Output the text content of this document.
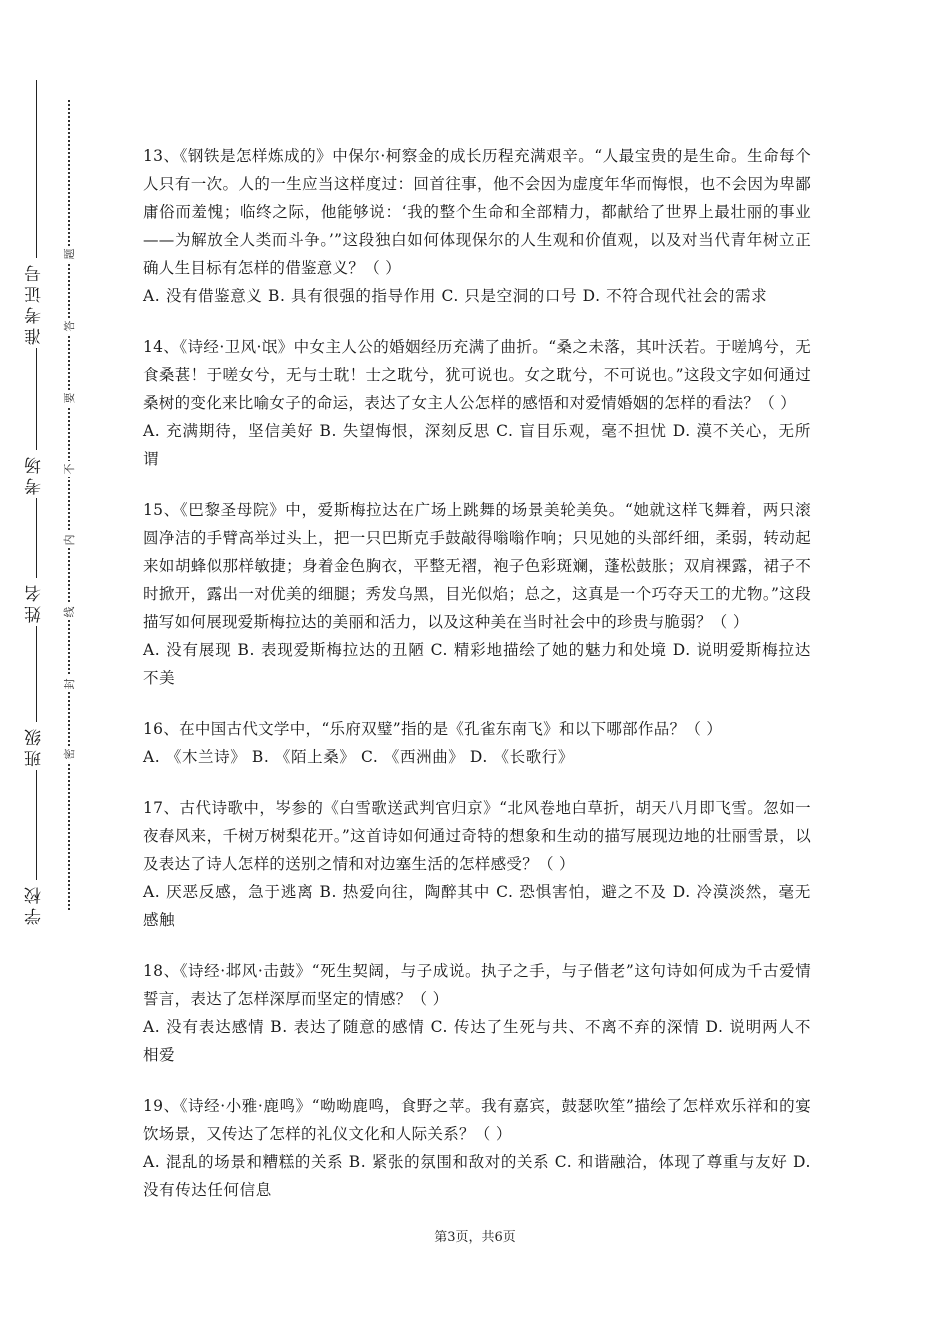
准考证号
考场
姓名
班级
学校
题
答
要
不
内
线
封
密

13、《钢铁是怎样炼成的》中保尔·柯察金的成长历程充满艰辛。“人最宝贵的是生命。生命每个人只有一次。人的一生应当这样度过：回首往事，他不会因为虚度年华而悔恨，也不会因为卑鄙庸俗而羞愧；临终之际，他能够说：‘我的整个生命和全部精力，都献给了世界上最壮丽的事业——为解放全人类而斗争。’”这段独白如何体现保尔的人生观和价值观，以及对当代青年树立正确人生目标有怎样的借鉴意义？（ ）

A. 没有借鉴意义 B. 具有很强的指导作用 C. 只是空洞的口号 D. 不符合现代社会的需求

14、《诗经·卫风·氓》中女主人公的婚姻经历充满了曲折。“桑之未落，其叶沃若。于嗟鸠兮，无食桑葚！于嗟女兮，无与士耽！士之耽兮，犹可说也。女之耽兮，不可说也。”这段文字如何通过桑树的变化来比喻女子的命运，表达了女主人公怎样的感悟和对爱情婚姻的怎样的看法？（ ）

A. 充满期待，坚信美好 B. 失望悔恨，深刻反思 C. 盲目乐观，毫不担忧 D. 漠不关心，无所谓

15、《巴黎圣母院》中，爱斯梅拉达在广场上跳舞的场景美轮美奂。“她就这样飞舞着，两只滚圆净洁的手臂高举过头上，把一只巴斯克手鼓敲得嗡嗡作响；只见她的头部纤细，柔弱，转动起来如胡蜂似那样敏捷；身着金色胸衣，平整无褶，袍子色彩斑斓，蓬松鼓胀；双肩裸露，裙子不时掀开，露出一对优美的细腿；秀发乌黑，目光似焰；总之，这真是一个巧夺天工的尤物。”这段描写如何展现爱斯梅拉达的美丽和活力，以及这种美在当时社会中的珍贵与脆弱？（ ）

A. 没有展现 B. 表现爱斯梅拉达的丑陋 C. 精彩地描绘了她的魅力和处境 D. 说明爱斯梅拉达不美

16、在中国古代文学中，“乐府双璧”指的是《孔雀东南飞》和以下哪部作品？（ ）

A. 《木兰诗》 B. 《陌上桑》 C. 《西洲曲》 D. 《长歌行》

17、古代诗歌中，岑参的《白雪歌送武判官归京》“北风卷地白草折，胡天八月即飞雪。忽如一夜春风来，千树万树梨花开。”这首诗如何通过奇特的想象和生动的描写展现边地的壮丽雪景，以及表达了诗人怎样的送别之情和对边塞生活的怎样感受？（ ）

A. 厌恶反感，急于逃离 B. 热爱向往，陶醉其中 C. 恐惧害怕，避之不及 D. 冷漠淡然，毫无感触

18、《诗经·邶风·击鼓》“死生契阔，与子成说。执子之手，与子偕老”这句诗如何成为千古爱情誓言，表达了怎样深厚而坚定的情感？（ ）

A. 没有表达感情 B. 表达了随意的感情 C. 传达了生死与共、不离不弃的深情 D. 说明两人不相爱

19、《诗经·小雅·鹿鸣》“呦呦鹿鸣，食野之苹。我有嘉宾，鼓瑟吹笙”描绘了怎样欢乐祥和的宴饮场景，又传达了怎样的礼仪文化和人际关系？（ ）

A. 混乱的场景和糟糕的关系 B. 紧张的氛围和敌对的关系 C. 和谐融洽，体现了尊重与友好 D. 没有传达任何信息

第3页，共6页
